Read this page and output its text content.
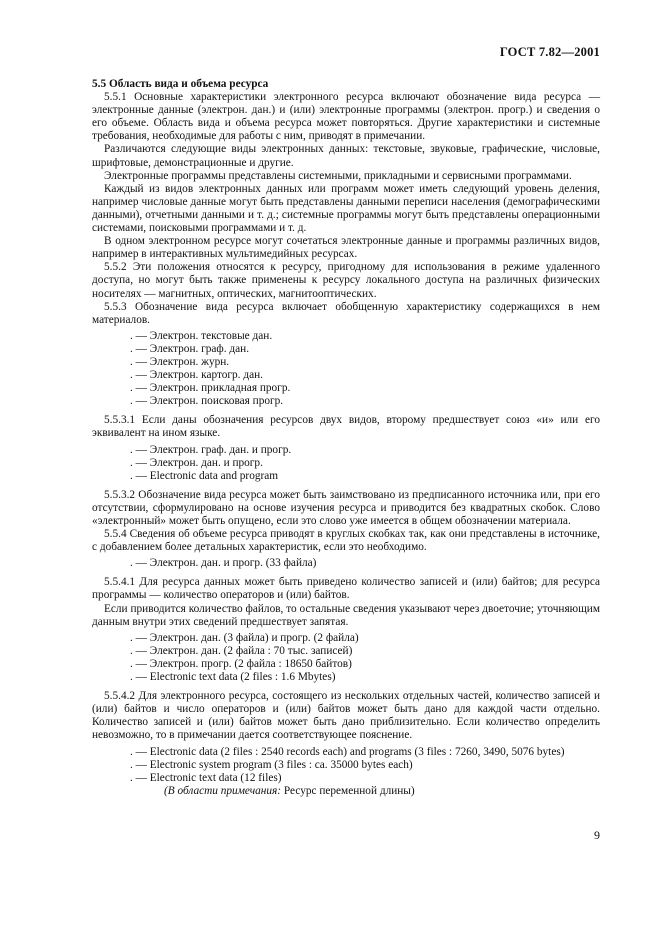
ГОСТ 7.82—2001

5.5 Область вида и объема ресурса

5.5.1 Основные характеристики электронного ресурса включают обозначение вида ресурса — электронные данные (электрон. дан.) и (или) электронные программы (электрон. прогр.) и сведения о его объеме. Область вида и объема ресурса может повторяться. Другие характеристики и системные требования, необходимые для работы с ним, приводят в примечании.

Различаются следующие виды электронных данных: текстовые, звуковые, графические, числовые, шрифтовые, демонстрационные и другие.

Электронные программы представлены системными, прикладными и сервисными программами.

Каждый из видов электронных данных или программ может иметь следующий уровень деления, например числовые данные могут быть представлены данными переписи населения (демографическими данными), отчетными данными и т. д.; системные программы могут быть представлены операционными системами, поисковыми программами и т. д.

В одном электронном ресурсе могут сочетаться электронные данные и программы различных видов, например в интерактивных мультимедийных ресурсах.

5.5.2 Эти положения относятся к ресурсу, пригодному для использования в режиме удаленного доступа, но могут быть также применены к ресурсу локального доступа на различных физических носителях — магнитных, оптических, магнитооптических.

5.5.3 Обозначение вида ресурса включает обобщенную характеристику содержащихся в нем материалов.

. — Электрон. текстовые дан.

. — Электрон. граф. дан.

. — Электрон. журн.

. — Электрон. картогр. дан.

. — Электрон. прикладная прогр.

. — Электрон. поисковая прогр.

5.5.3.1 Если даны обозначения ресурсов двух видов, второму предшествует союз «и» или его эквивалент на ином языке.

. — Электрон. граф. дан. и прогр.

. — Электрон. дан. и прогр.

. — Electronic data and program

5.5.3.2 Обозначение вида ресурса может быть заимствовано из предписанного источника или, при его отсутствии, сформулировано на основе изучения ресурса и приводится без квадратных скобок. Слово «электронный» может быть опущено, если это слово уже имеется в общем обозначении материала.

5.5.4 Сведения об объеме ресурса приводят в круглых скобках так, как они представлены в источнике, с добавлением более детальных характеристик, если это необходимо.

. — Электрон. дан. и прогр. (33 файла)

5.5.4.1 Для ресурса данных может быть приведено количество записей и (или) байтов; для ресурса программы — количество операторов и (или) байтов.

Если приводится количество файлов, то остальные сведения указывают через двоеточие; уточняющим данным внутри этих сведений предшествует запятая.

. — Электрон. дан. (3 файла) и прогр. (2 файла)

. — Электрон. дан. (2 файла : 70 тыс. записей)

. — Электрон. прогр. (2 файла : 18650 байтов)

. — Electronic text data (2 files : 1.6 Mbytes)

5.5.4.2 Для электронного ресурса, состоящего из нескольких отдельных частей, количество записей и (или) байтов и число операторов и (или) байтов может быть дано для каждой части отдельно. Количество записей и (или) байтов может быть дано приблизительно. Если количество определить невозможно, то в примечании дается соответствующее пояснение.

. — Electronic data (2 files : 2540 records each) and programs (3 files : 7260, 3490, 5076 bytes)

. — Electronic system program (3 files : ca. 35000 bytes each)

. — Electronic text data (12 files)

(В области примечания: Ресурс переменной длины)

9
